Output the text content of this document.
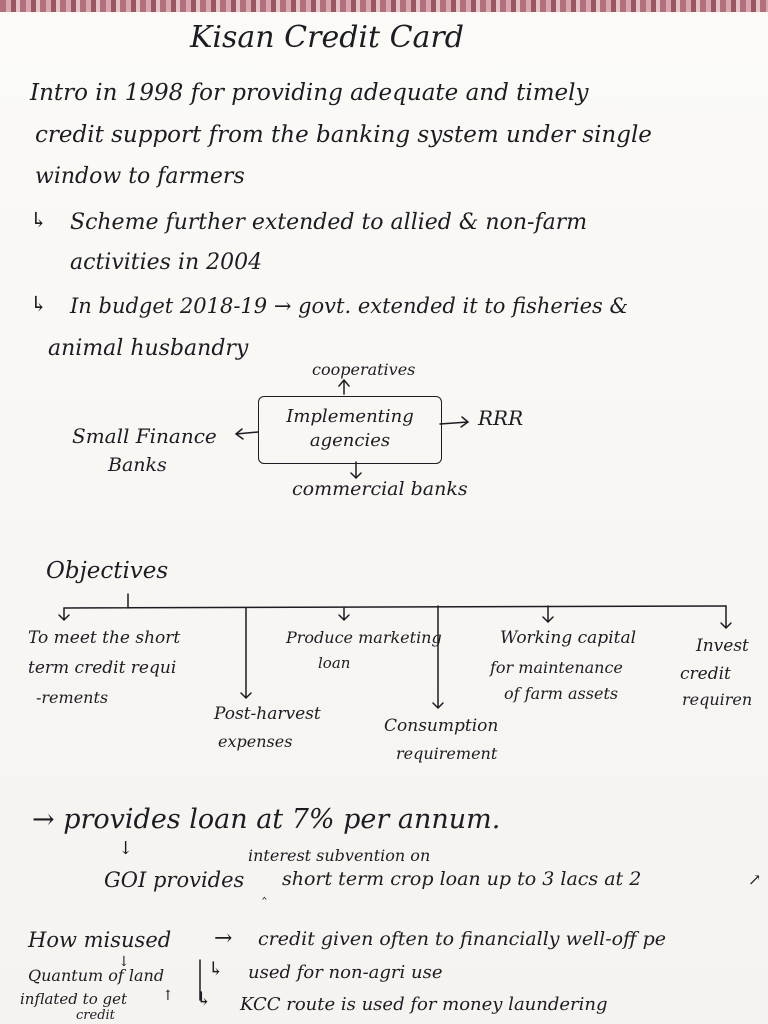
Kisan Credit Card
Intro in 1998 for providing adequate and timely
credit support from the banking system under single
window to farmers
↳ Scheme further extended to allied & non-farm
activities in 2004
↳ In budget 2018-19 → govt. extended it to fisheries &
animal husbandry
cooperatives
Implementing agencies
RRR
Small Finance
Banks
commercial banks
Objectives
To meet the short
term credit requi
-rements
Post-harvest
expenses
Produce marketing
loan
Consumption
requirement
Working capital
for maintenance
of farm assets
Invest
credit
requiren
→ provides loan at 7% per annum.
↓	interest subvention on
GOI provides ‸
short term crop loan up to 3 lacs at 2	↗
How misused → credit given often to financially well-off pe
↓
Quantum of land ↳ used for non-agri use
inflated to get ↑ ↳ KCC route is used for money laundering
credit
